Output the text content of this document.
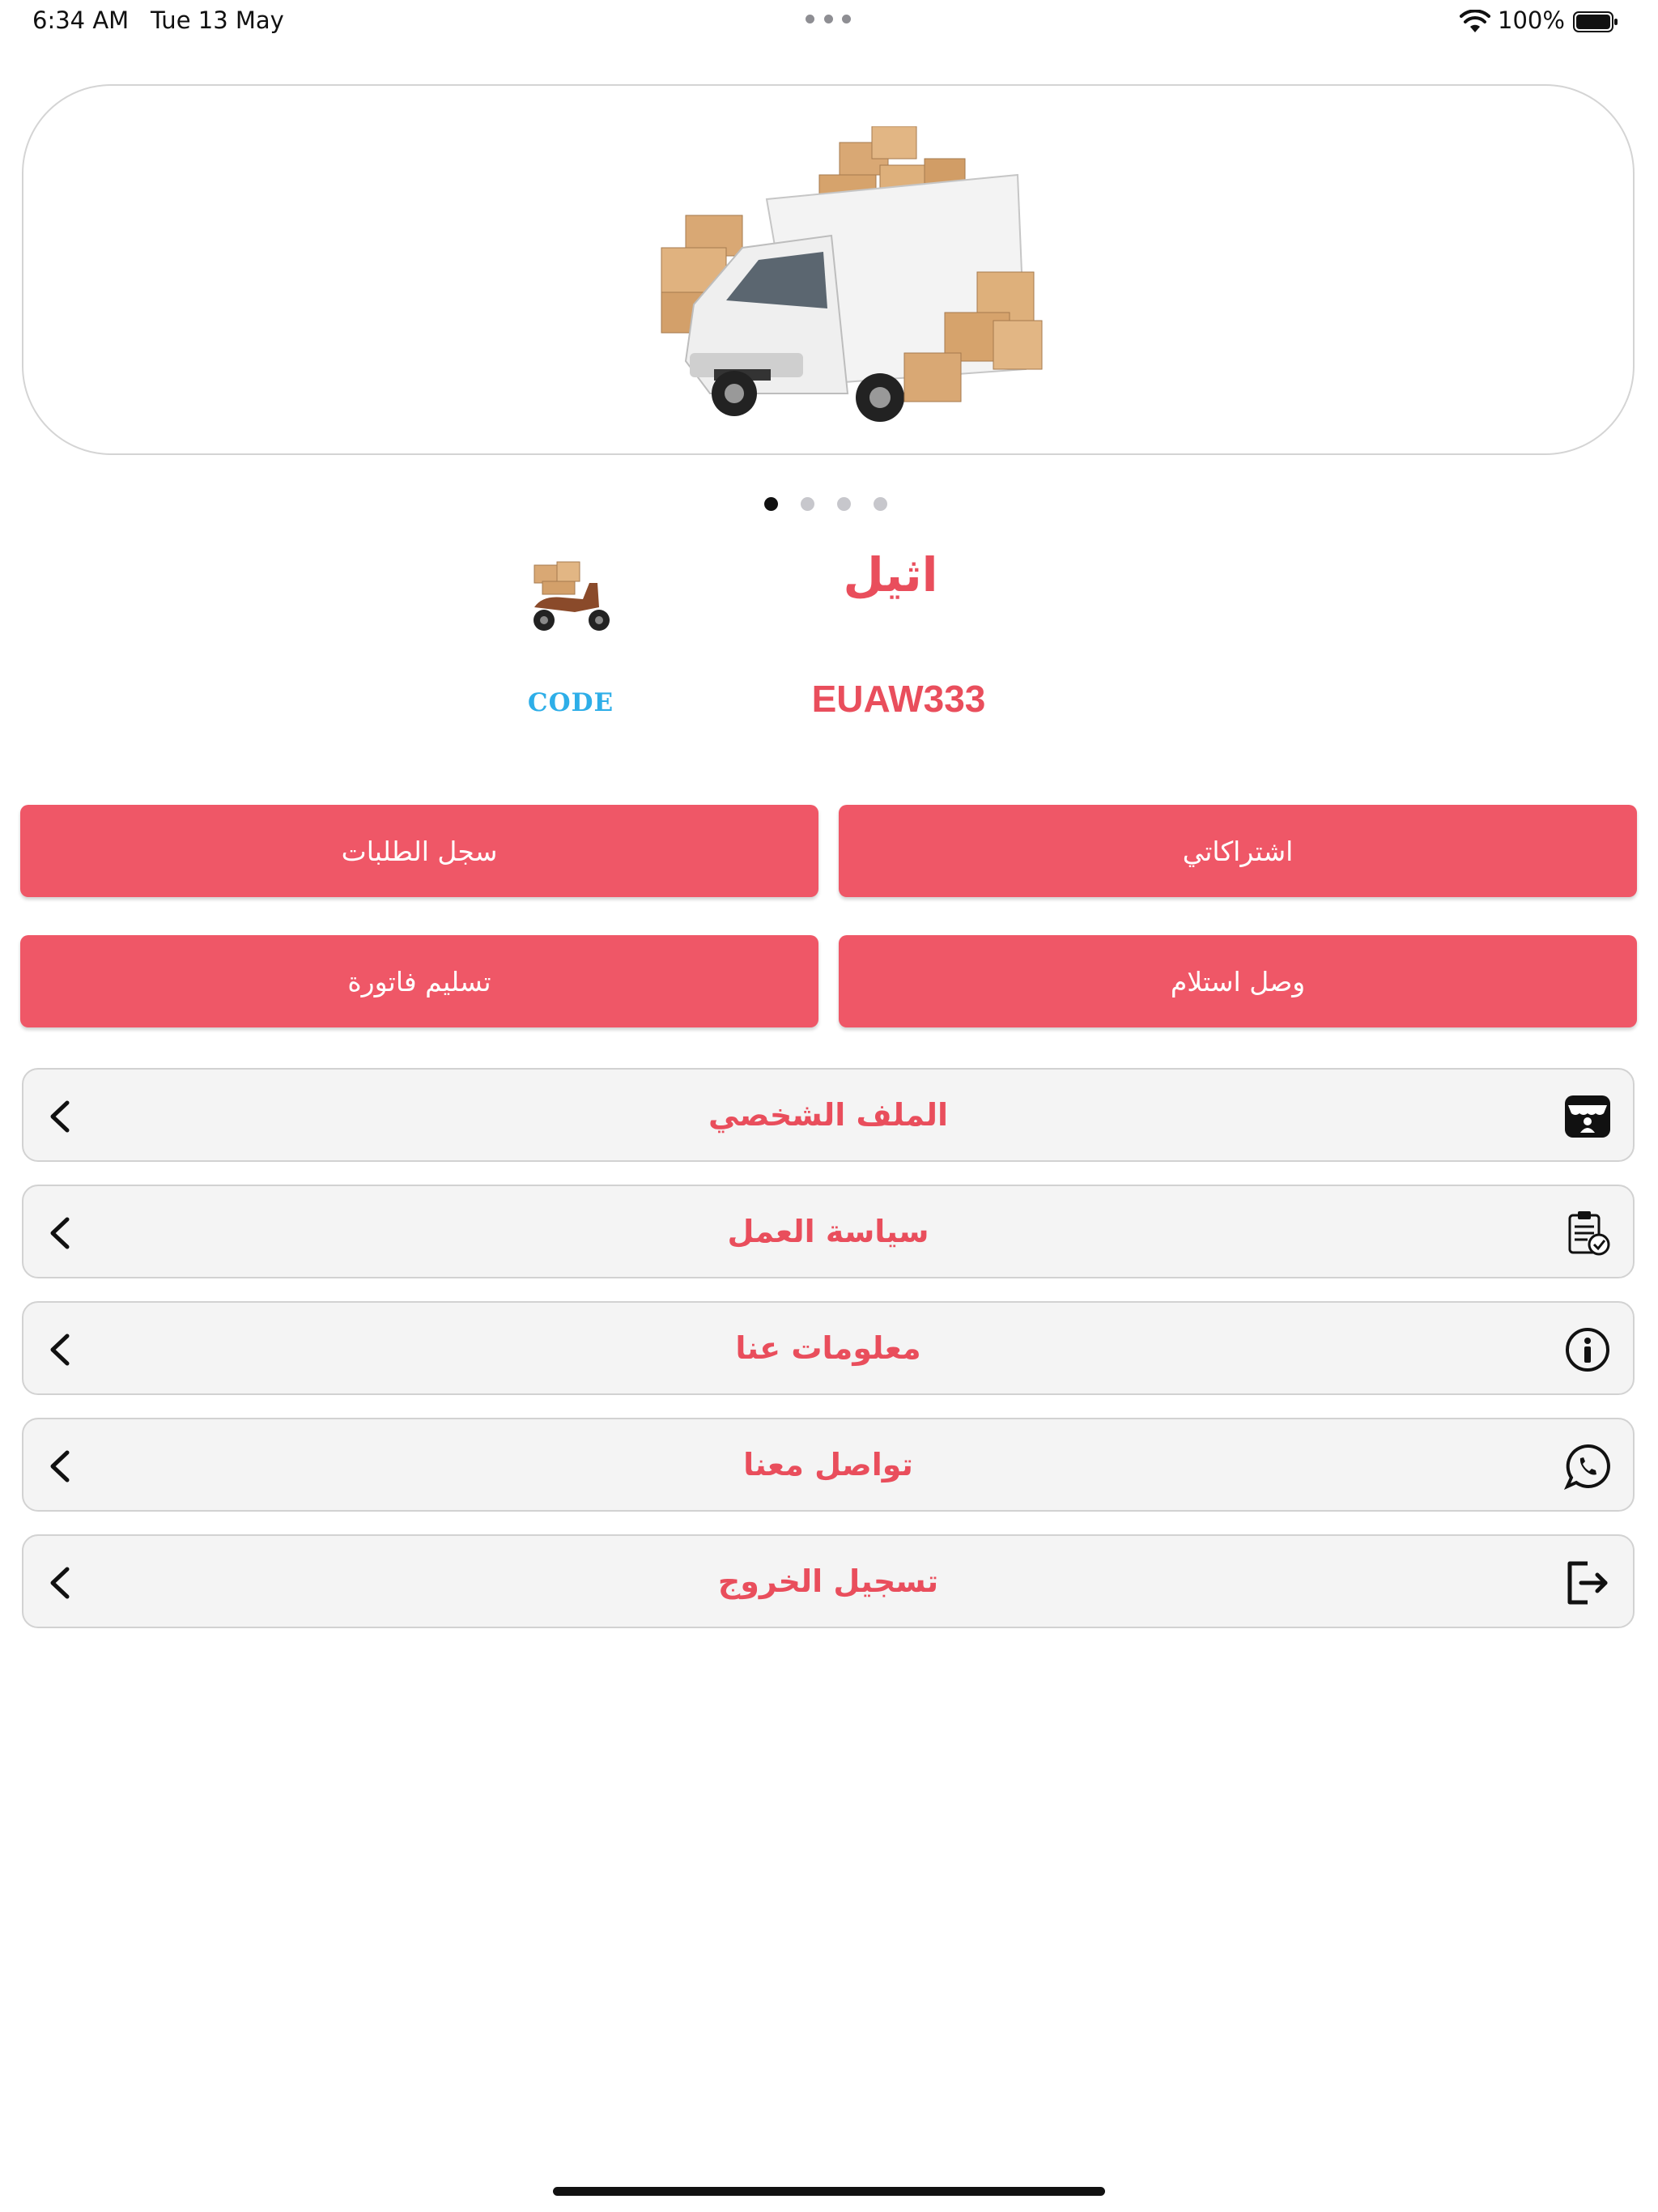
6:34 AM Tue 13 May	100%
اثيل
CODE	EUAW333
اشتراكاتي
سجل الطلبات
وصل استلام
تسليم فاتورة
الملف الشخصي
سياسة العمل
معلومات عنا
تواصل معنا
تسجيل الخروج
